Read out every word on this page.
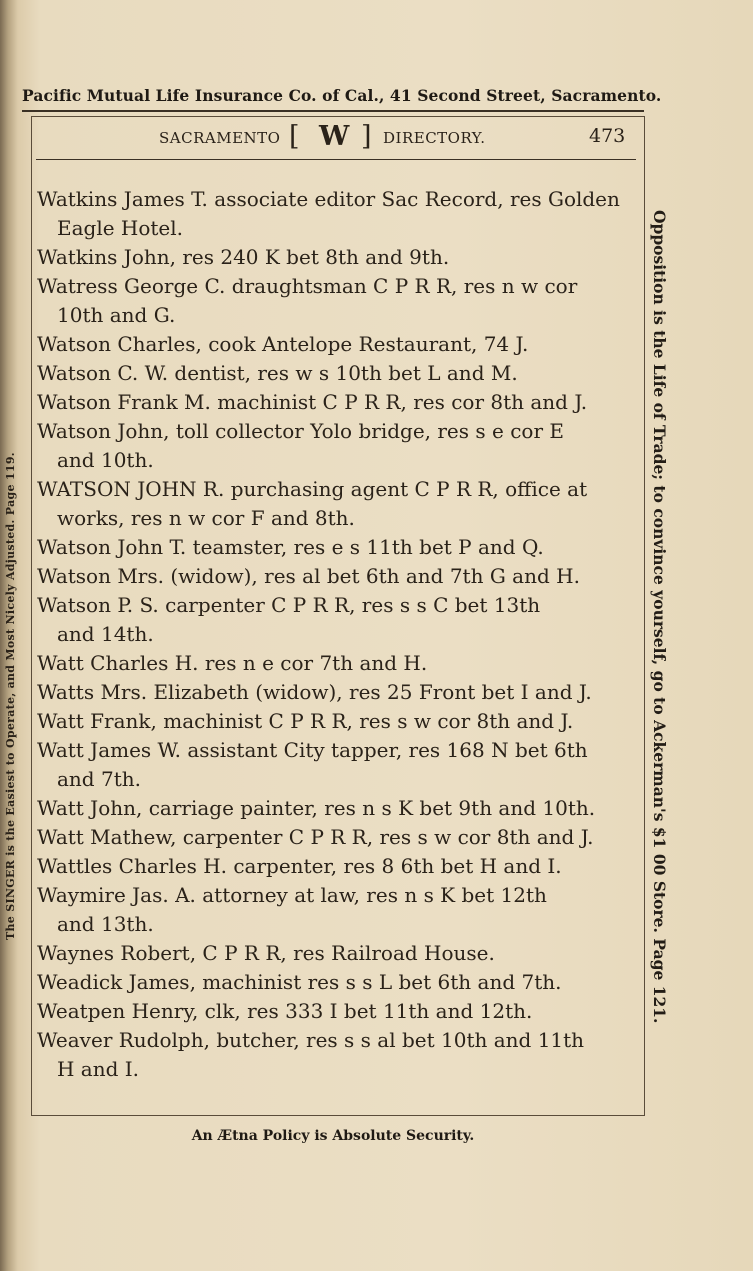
Pacific Mutual Life Insurance Co. of Cal., 41 Second Street, Sacramento.
SACRAMENTO [ W ] DIRECTORY.	473
Watkins James T. associate editor Sac Record, res Golden
Eagle Hotel.
Watkins John, res 240 K bet 8th and 9th.
Watress George C. draughtsman C P R R, res n w cor
10th and G.
Watson Charles, cook Antelope Restaurant, 74 J.
Watson C. W. dentist, res w s 10th bet L and M.
Watson Frank M. machinist C P R R, res cor 8th and J.
Watson John, toll collector Yolo bridge, res s e cor E
and 10th.
WATSON JOHN R. purchasing agent C P R R, office at
works, res n w cor F and 8th.
Watson John T. teamster, res e s 11th bet P and Q.
Watson Mrs. (widow), res al bet 6th and 7th G and H.
Watson P. S. carpenter C P R R, res s s C bet 13th
and 14th.
Watt Charles H. res n e cor 7th and H.
Watts Mrs. Elizabeth (widow), res 25 Front bet I and J.
Watt Frank, machinist C P R R, res s w cor 8th and J.
Watt James W. assistant City tapper, res 168 N bet 6th
and 7th.
Watt John, carriage painter, res n s K bet 9th and 10th.
Watt Mathew, carpenter C P R R, res s w cor 8th and J.
Wattles Charles H. carpenter, res 8 6th bet H and I.
Waymire Jas. A. attorney at law, res n s K bet 12th
and 13th.
Waynes Robert, C P R R, res Railroad House.
Weadick James, machinist res s s L bet 6th and 7th.
Weatpen Henry, clk, res 333 I bet 11th and 12th.
Weaver Rudolph, butcher, res s s al bet 10th and 11th
H and I.
The SINGER is the Easiest to Operate, and Most Nicely Adjusted. Page 119.	Opposition is the Life of Trade; to convince yourself, go to Ackerman's $1 00 Store. Page 121.
An Ætna Policy is Absolute Security.
